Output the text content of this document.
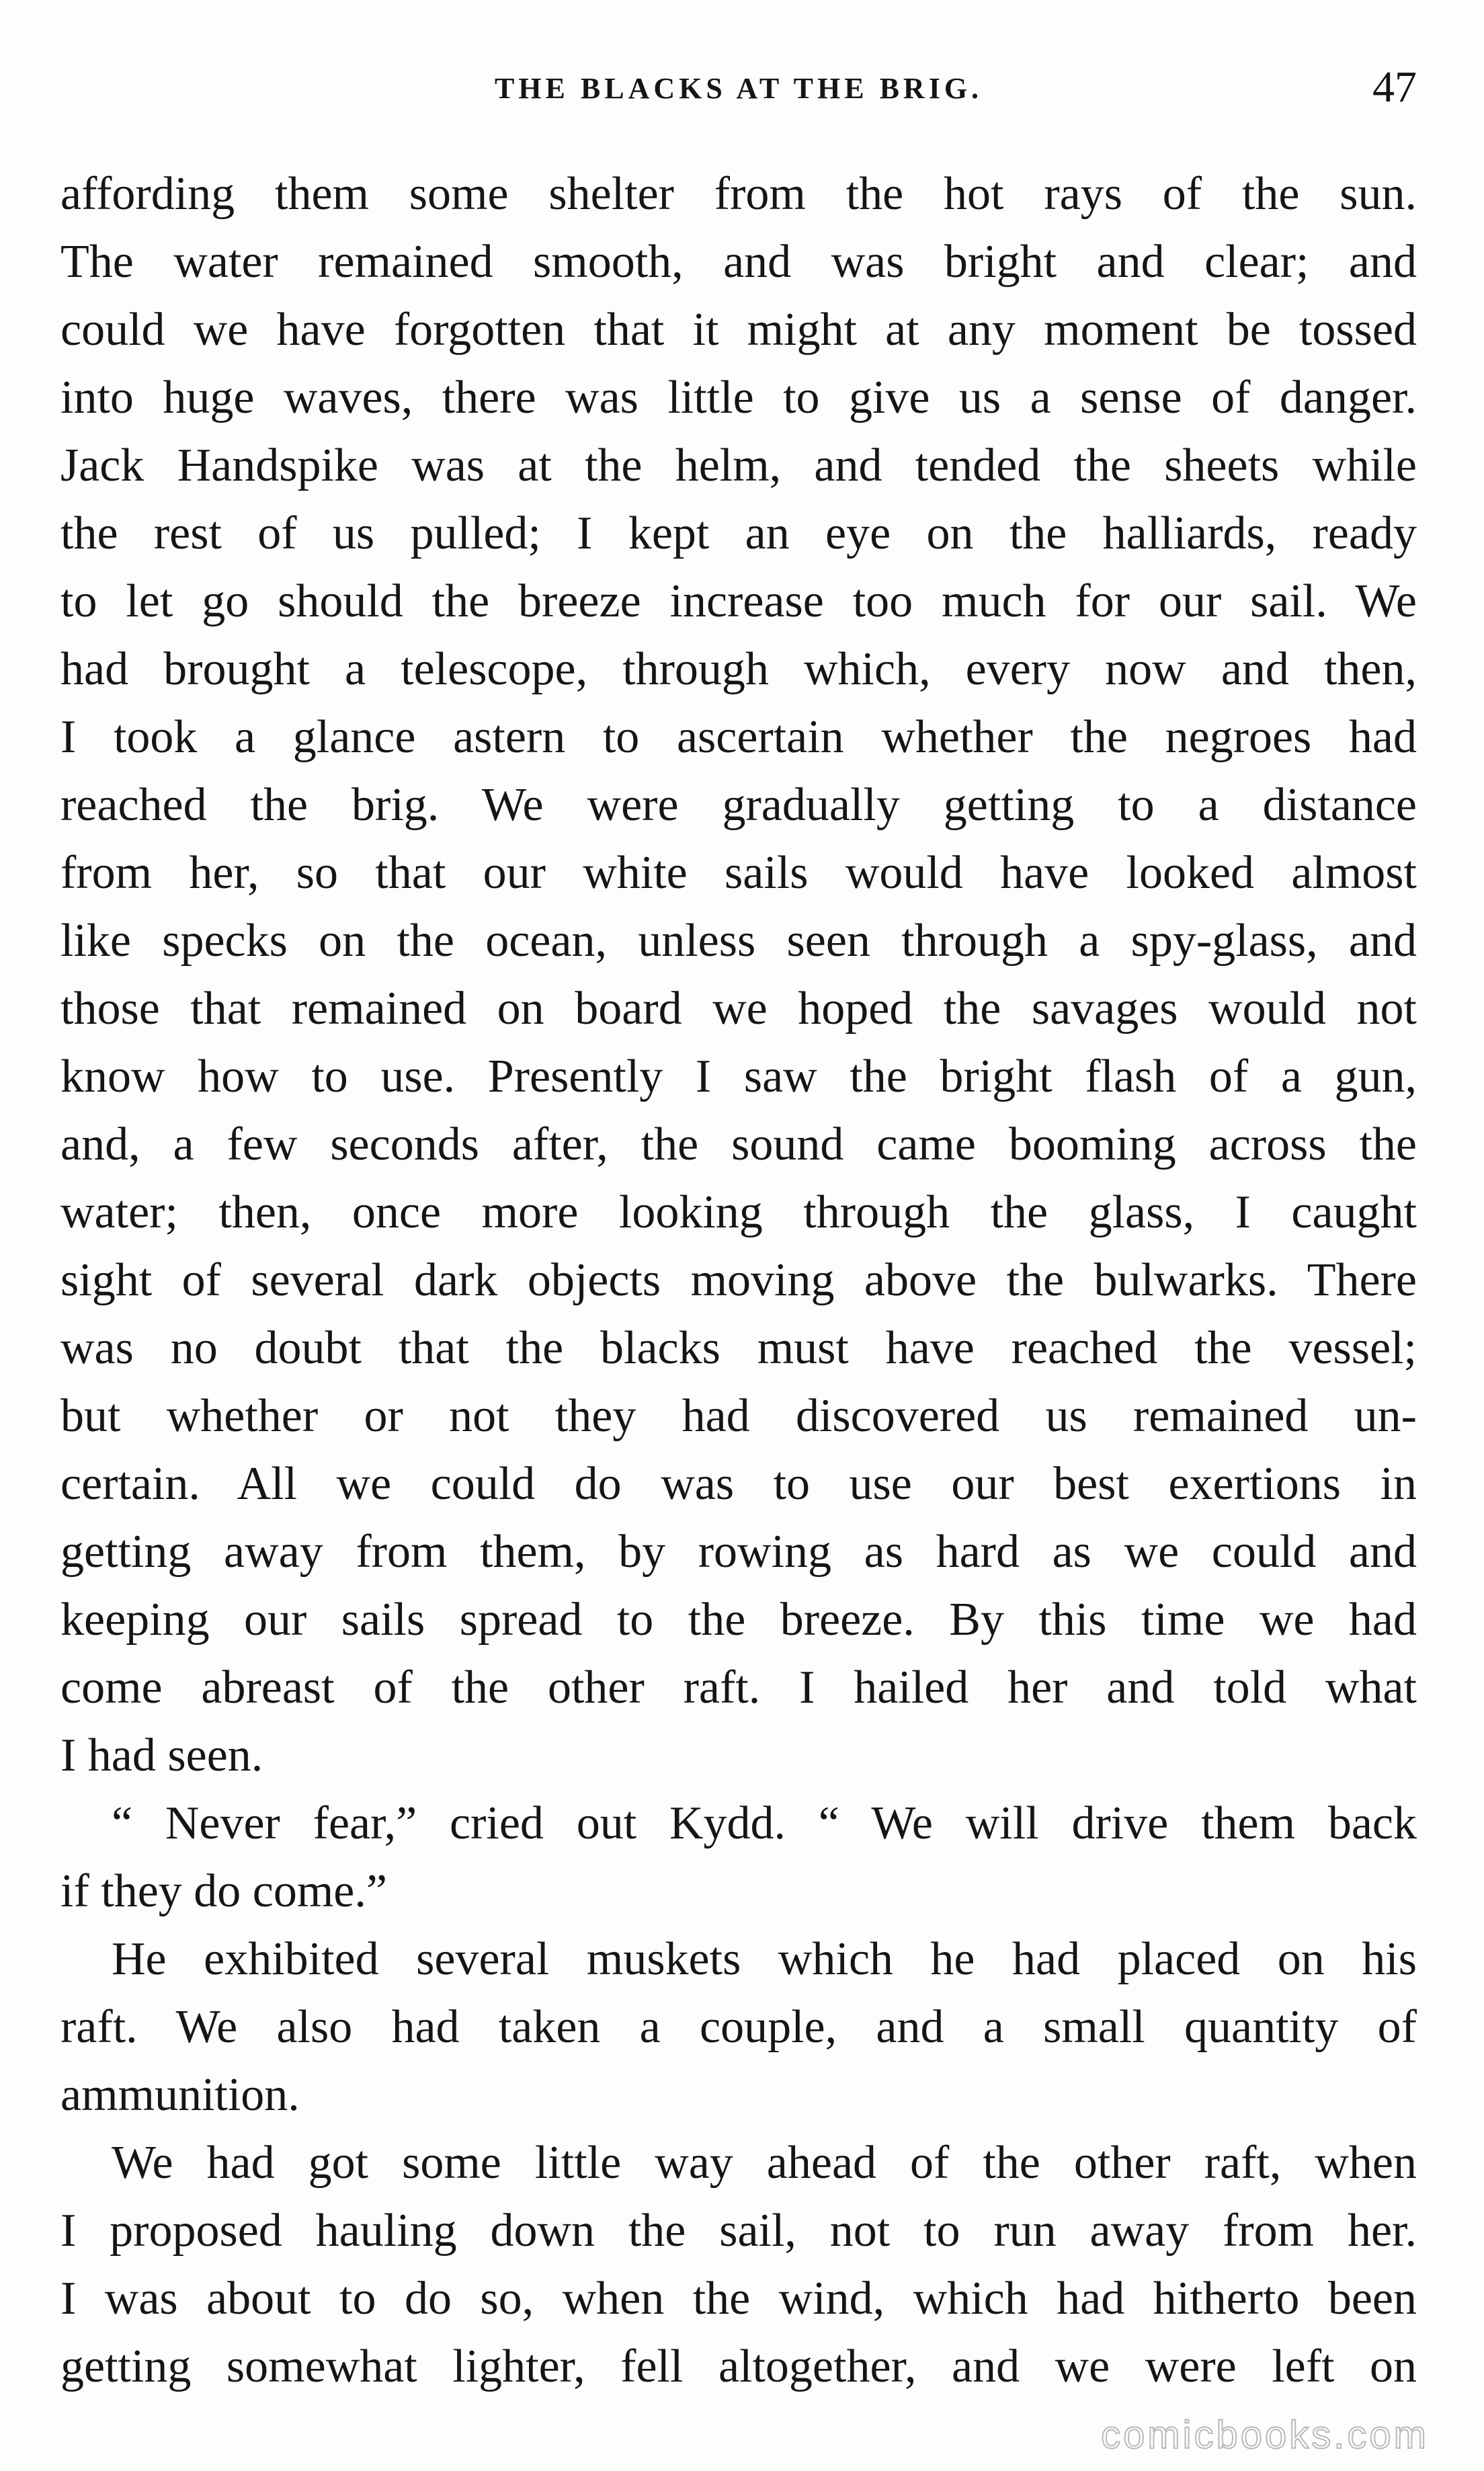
THE BLACKS AT THE BRIG.	47
affording them some shelter from the hot rays of the sun.
The water remained smooth, and was bright and clear; and
could we have forgotten that it might at any moment be tossed
into huge waves, there was little to give us a sense of danger.
Jack Handspike was at the helm, and tended the sheets while
the rest of us pulled; I kept an eye on the halliards, ready
to let go should the breeze increase too much for our sail. We
had brought a telescope, through which, every now and then,
I took a glance astern to ascertain whether the negroes had
reached the brig. We were gradually getting to a distance
from her, so that our white sails would have looked almost
like specks on the ocean, unless seen through a spy-glass, and
those that remained on board we hoped the savages would not
know how to use. Presently I saw the bright flash of a gun,
and, a few seconds after, the sound came booming across the
water; then, once more looking through the glass, I caught
sight of several dark objects moving above the bulwarks. There
was no doubt that the blacks must have reached the vessel;
but whether or not they had discovered us remained un-
certain. All we could do was to use our best exertions in
getting away from them, by rowing as hard as we could and
keeping our sails spread to the breeze. By this time we had
come abreast of the other raft. I hailed her and told what
I had seen.
“ Never fear,” cried out Kydd. “ We will drive them back
if they do come.”
He exhibited several muskets which he had placed on his
raft. We also had taken a couple, and a small quantity of
ammunition.
We had got some little way ahead of the other raft, when
I proposed hauling down the sail, not to run away from her.
I was about to do so, when the wind, which had hitherto been
getting somewhat lighter, fell altogether, and we were left on
comicbooks.com
